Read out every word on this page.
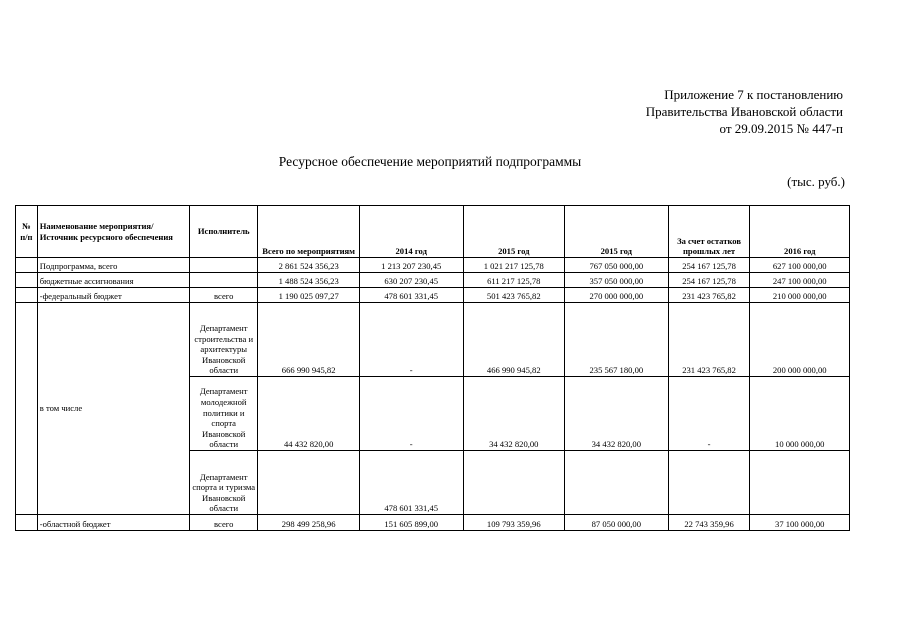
Приложение 7 к постановлению
Правительства Ивановской области
от 29.09.2015 № 447-п
Ресурсное обеспечение мероприятий подпрограммы
(тыс. руб.)
№ п/п	Наименование мероприятия/Источник ресурсного обеспечения	Исполнитель	Всего по мероприятиям	2014 год	2015 год	2015 год	За счет остатков прошлых лет	2016 год
	Подпрограмма, всего		2 861 524 356,23	1 213 207 230,45	1 021 217 125,78	767 050 000,00	254 167 125,78	627 100 000,00
	бюджетные ассигнования		1 488 524 356,23	630 207 230,45	611 217 125,78	357 050 000,00	254 167 125,78	247 100 000,00
	-федеральный бюджет	всего	1 190 025 097,27	478 601 331,45	501 423 765,82	270 000 000,00	231 423 765,82	210 000 000,00
	в том числе	Департамент строительства и архитектуры Ивановской области	666 990 945,82	-	466 990 945,82	235 567 180,00	231 423 765,82	200 000 000,00
		Департамент молодежной политики и спорта Ивановской области	44 432 820,00	-	34 432 820,00	34 432 820,00	-	10 000 000,00
		Департамент спорта и туризма Ивановской области		478 601 331,45				
	-областной бюджет	всего	298 499 258,96	151 605 899,00	109 793 359,96	87 050 000,00	22 743 359,96	37 100 000,00
